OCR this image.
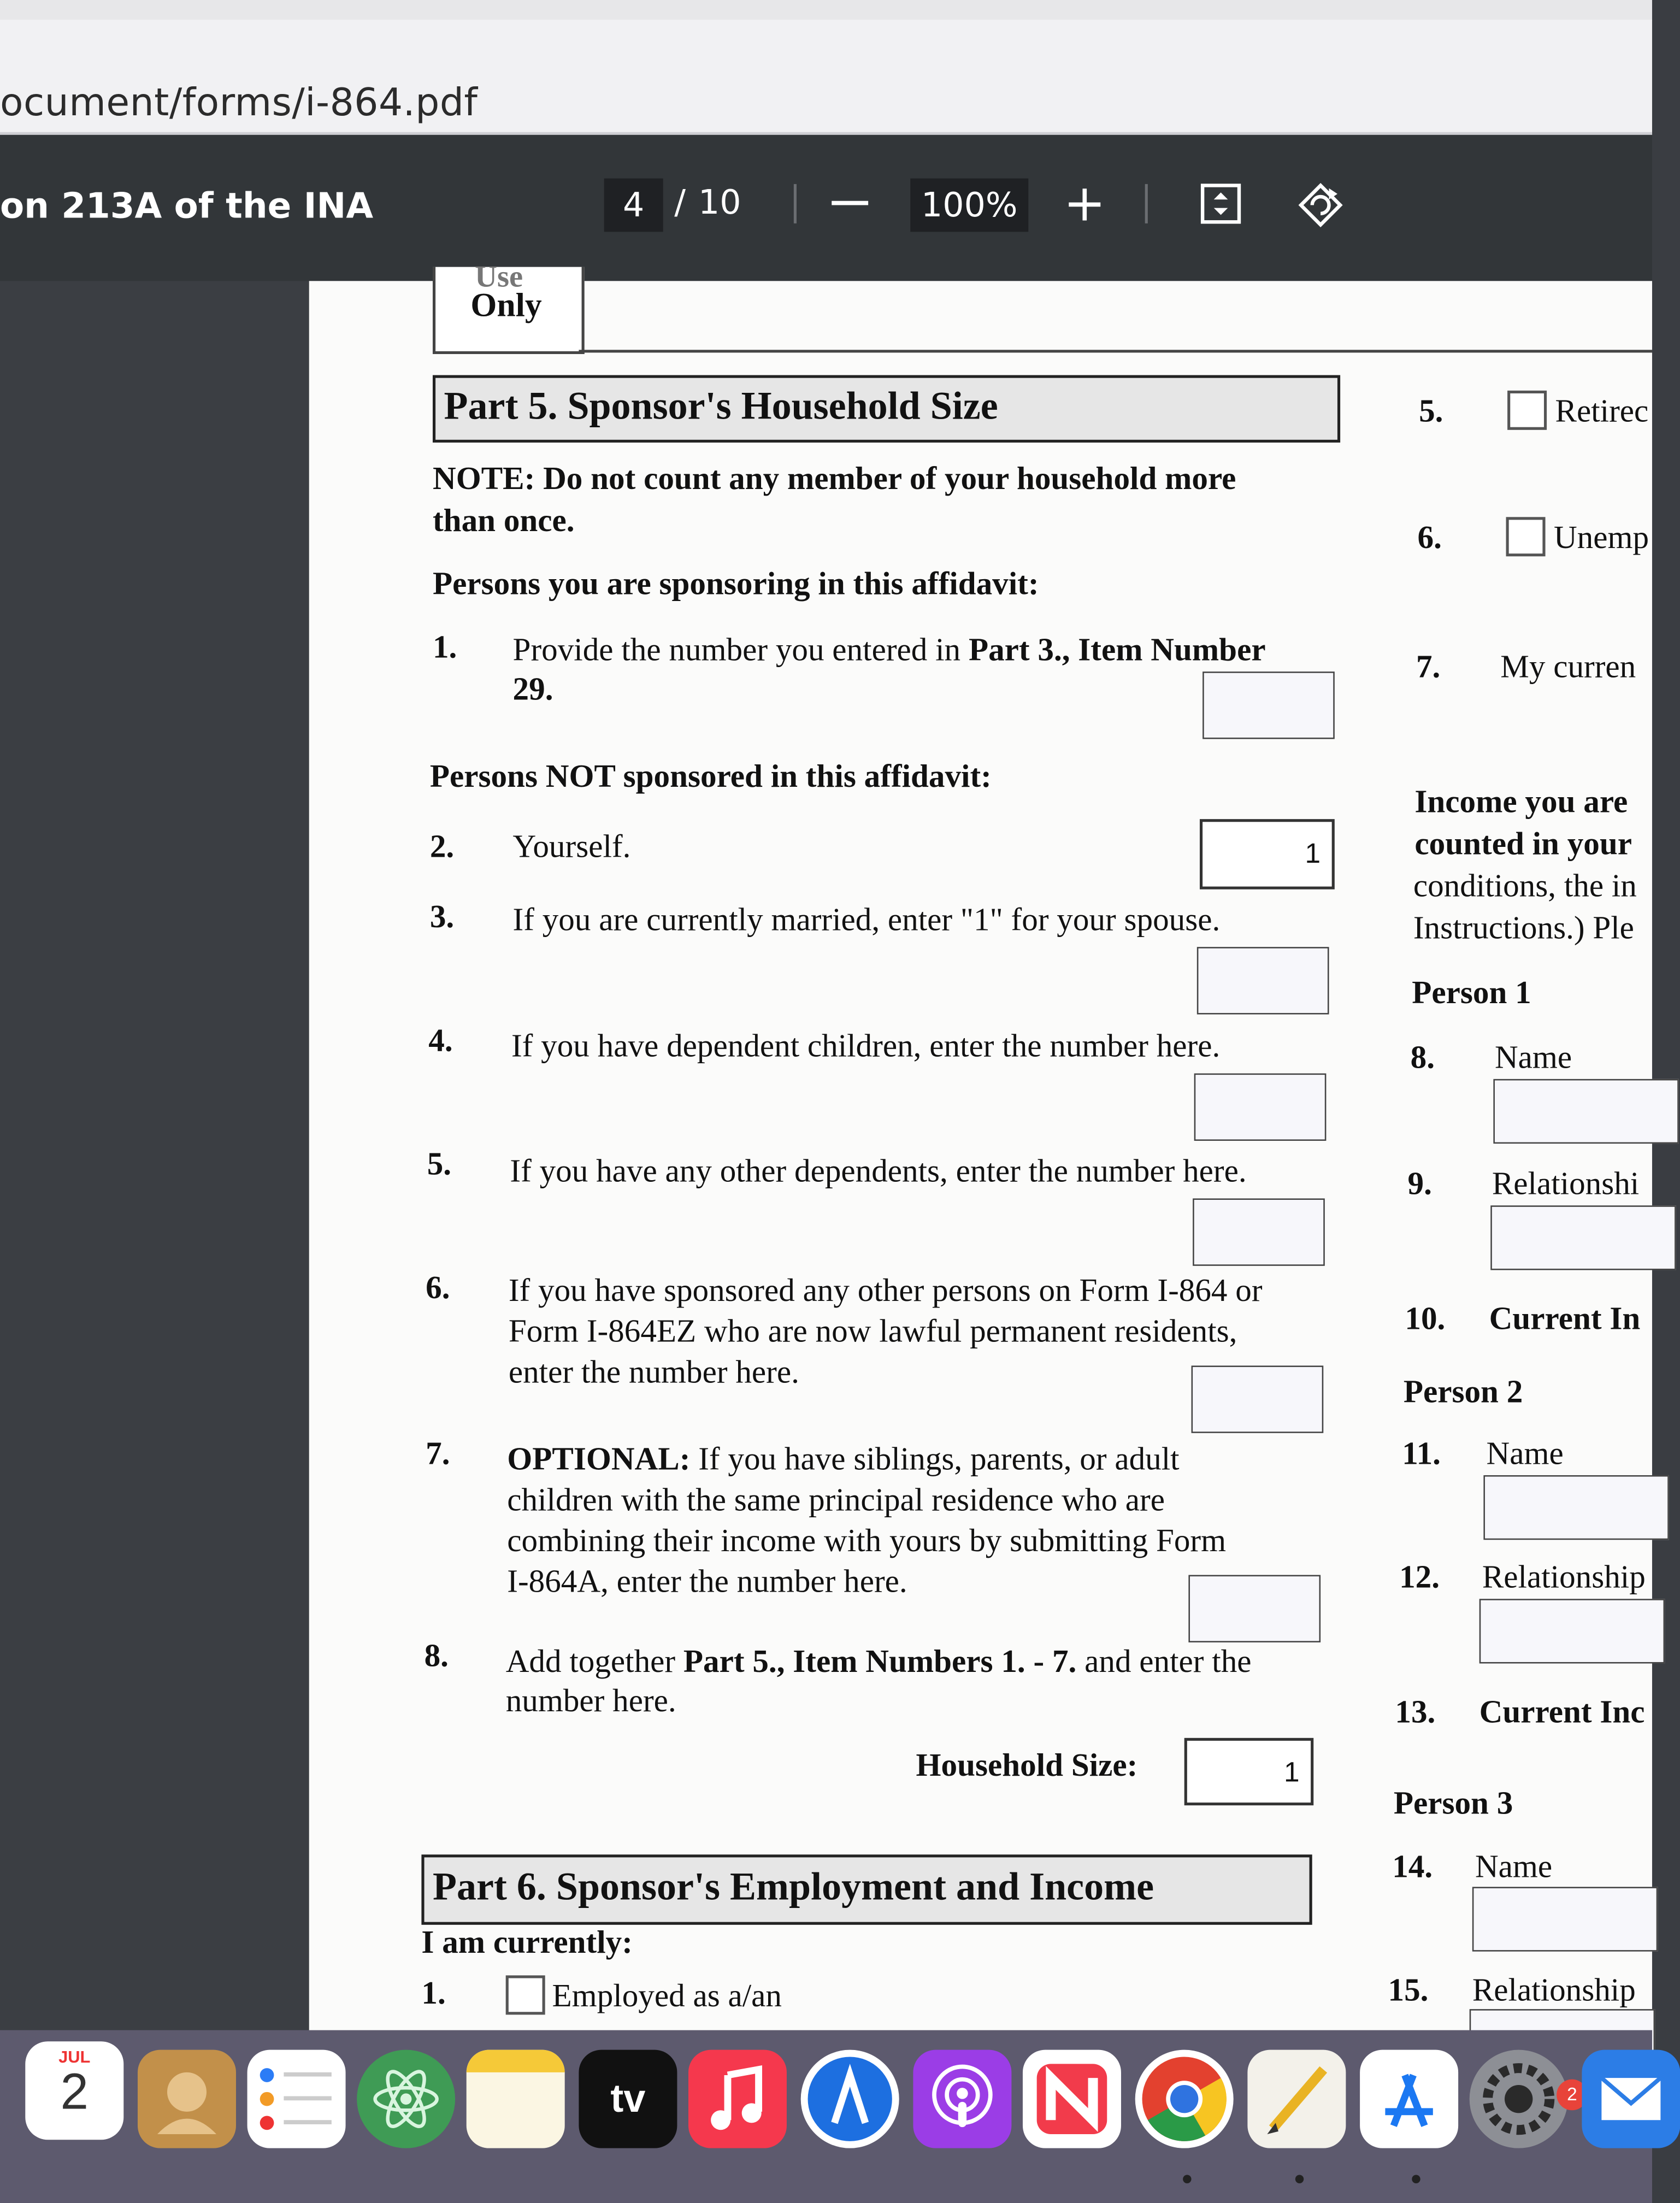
ocument/forms/i-864.pdf
on 213A of the INA	4	/ 10	100%	+
Use
Only
Part 5. Sponsor's Household Size
NOTE: Do not count any member of your household more
than once.
Persons you are sponsoring in this affidavit:
1.	Provide the number you entered in Part 3., Item Number
29.
Persons NOT sponsored in this affidavit:
2.	Yourself.	1
3.	If you are currently married, enter "1" for your spouse.
4.	If you have dependent children, enter the number here.
5.	If you have any other dependents, enter the number here.
6.	If you have sponsored any other persons on Form I-864 or
Form I-864EZ who are now lawful permanent residents,
enter the number here.
7.	OPTIONAL: If you have siblings, parents, or adult
children with the same principal residence who are
combining their income with yours by submitting Form
I-864A, enter the number here.
8.	Add together Part 5., Item Numbers 1. - 7. and enter the
number here.
Household Size:	1
Part 6. Sponsor's Employment and Income
I am currently:
1.	Employed as a/an
5.	Retirec
6.	Unemp
7.	My curren
Income you are
counted in your
conditions, the in
Instructions.) Ple
Person 1
8.	Name
9.	Relationshi
10.	Current In
Person 2
11.	Name
12.	Relationship
13.	Current Inc
Person 3
14.	Name
15.	Relationship
JUL
2	tv	2
